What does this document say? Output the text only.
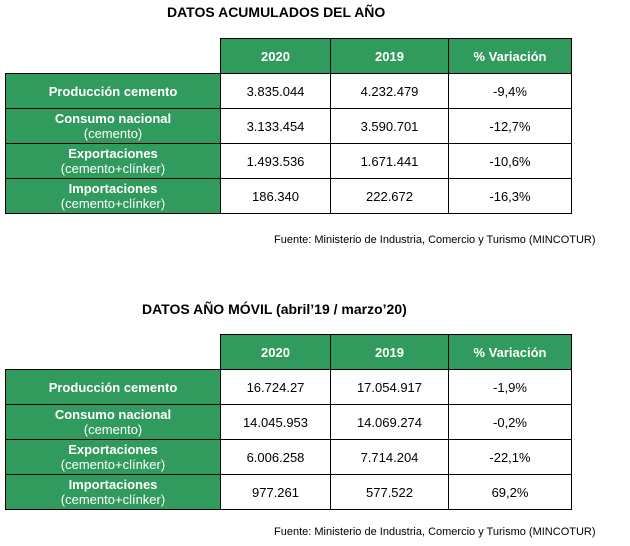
DATOS ACUMULADOS DEL AÑO
	2020	2019	% Variación
Producción cemento	3.835.044	4.232.479	-9,4%
Consumo nacional
(cemento)	3.133.454	3.590.701	-12,7%
Exportaciones
(cemento+clínker)	1.493.536	1.671.441	-10,6%
Importaciones
(cemento+clínker)	186.340	222.672	-16,3%
Fuente: Ministerio de Industria, Comercio y Turismo (MINCOTUR)
DATOS AÑO MÓVIL (abril’19 / marzo’20)
	2020	2019	% Variación
Producción cemento	16.724.27	17.054.917	-1,9%
Consumo nacional
(cemento)	14.045.953	14.069.274	-0,2%
Exportaciones
(cemento+clínker)	6.006.258	7.714.204	-22,1%
Importaciones
(cemento+clínker)	977.261	577.522	69,2%
Fuente: Ministerio de Industria, Comercio y Turismo (MINCOTUR)
